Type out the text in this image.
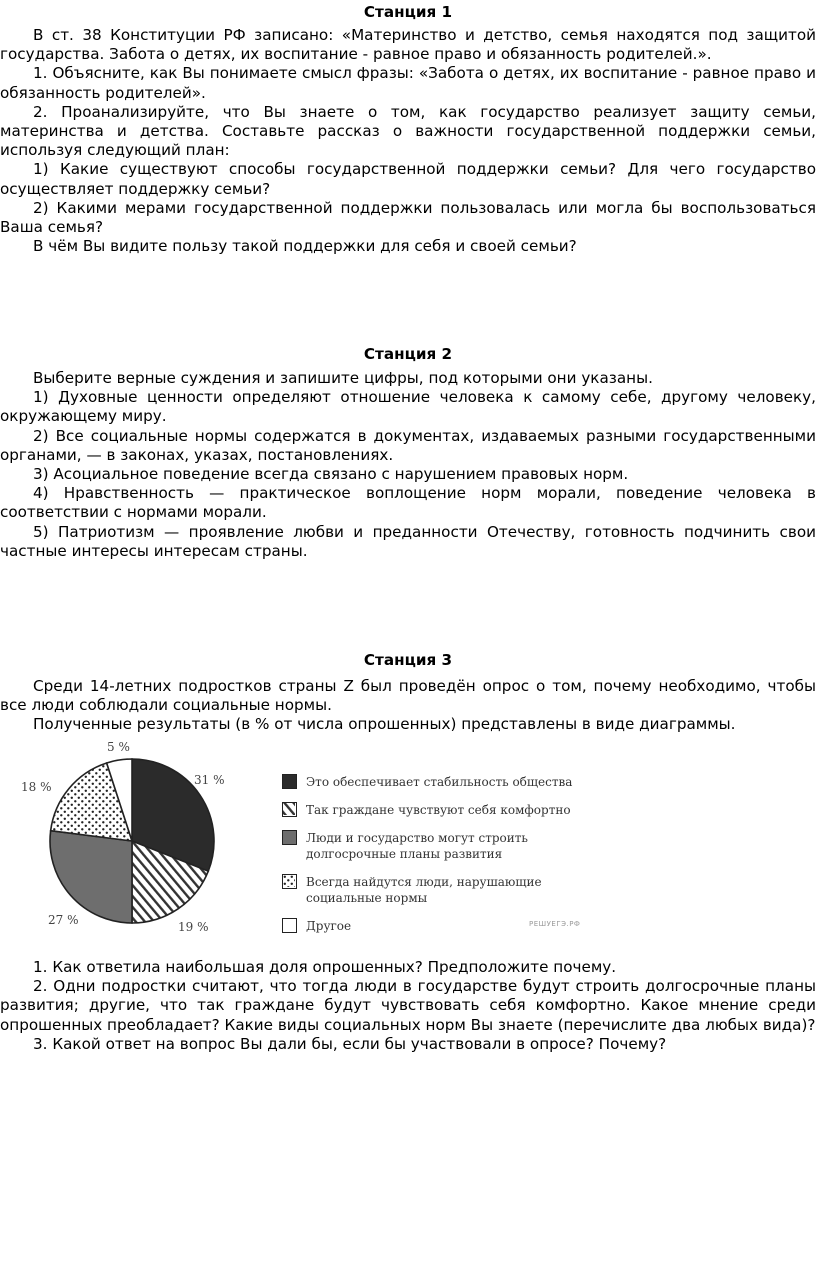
Станция 1

В ст. 38 Конституции РФ записано: «Материнство и детство, семья находятся под защитой государства. Забота о детях, их воспитание - равное право и обязанность родителей.».

1. Объясните, как Вы понимаете смысл фразы: «Забота о детях, их воспитание - равное право и обязанность родителей».

2. Проанализируйте, что Вы знаете о том, как государство реализует защиту семьи, материнства и детства. Составьте рассказ о важности государственной поддержки семьи, используя следующий план:

1) Какие существуют способы государственной поддержки семьи? Для чего государство осуществляет поддержку семьи?

2) Какими мерами государственной поддержки пользовалась или могла бы воспользоваться Ваша семья?

В чём Вы видите пользу такой поддержки для себя и своей семьи?

Станция 2

Выберите верные суждения и запишите цифры, под которыми они указаны.

1) Духовные ценности определяют отношение человека к самому себе, другому человеку, окружающему миру.

2) Все социальные нормы содержатся в документах, издаваемых разными государственными органами, — в законах, указах, постановлениях.

3) Асоциальное поведение всегда связано с нарушением правовых норм.

4) Нравственность — практическое воплощение норм морали, поведение человека в соответствии с нормами морали.

5) Патриотизм — проявление любви и преданности Отечеству, готовность подчинить свои частные интересы интересам страны.

Станция 3

Среди 14-летних подростков страны Z был проведён опрос о том, почему необходимо, чтобы все люди соблюдали социальные нормы.

Полученные результаты (в % от числа опрошенных) представлены в виде диаграммы.

5 %
31 %
18 %
27 %	19 %
Это обеспечивает стабильность общества
Так граждане чувствуют себя комфортно
Люди и государство могут строить
долгосрочные планы развития
Всегда найдутся люди, нарушающие
социальные нормы
Другое	РЕШУЕГЭ.РФ

1. Как ответила наибольшая доля опрошенных? Предположите почему.

2. Одни подростки считают, что тогда люди в государстве будут строить долгосрочные планы развития; другие, что так граждане будут чувствовать себя комфортно. Какое мнение среди опрошенных преобладает? Какие виды социальных норм Вы знаете (перечислите два любых вида)?

3. Какой ответ на вопрос Вы дали бы, если бы участвовали в опросе? Почему?
